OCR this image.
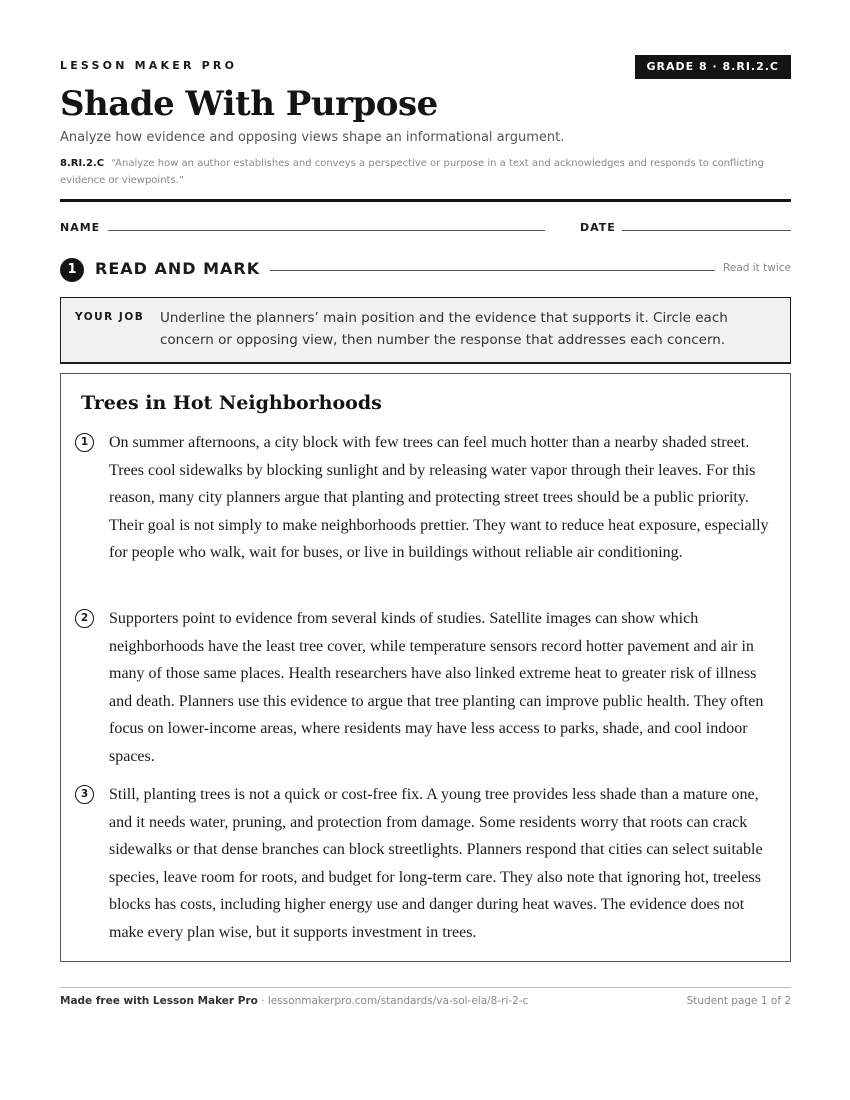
LESSON MAKER PRO	GRADE 8 · 8.RI.2.C
Shade With Purpose
Analyze how evidence and opposing views shape an informational argument.
8.RI.2.C “Analyze how an author establishes and conveys a perspective or purpose in a text and acknowledges and responds to conflicting evidence or viewpoints.”
NAME	DATE
1	READ AND MARK	Read it twice
YOUR JOB Underline the planners’ main position and the evidence that supports it. Circle each concern or opposing view, then number the response that addresses each concern.
Trees in Hot Neighborhoods
1	On summer afternoons, a city block with few trees can feel much hotter than a nearby shaded street. Trees cool sidewalks by blocking sunlight and by releasing water vapor through their leaves. For this reason, many city planners argue that planting and protecting street trees should be a public priority. Their goal is not simply to make neighborhoods prettier. They want to reduce heat exposure, especially for people who walk, wait for buses, or live in buildings without reliable air conditioning.
2	Supporters point to evidence from several kinds of studies. Satellite images can show which neighborhoods have the least tree cover, while temperature sensors record hotter pavement and air in many of those same places. Health researchers have also linked extreme heat to greater risk of illness and death. Planners use this evidence to argue that tree planting can improve public health. They often focus on lower-income areas, where residents may have less access to parks, shade, and cool indoor spaces.
3	Still, planting trees is not a quick or cost-free fix. A young tree provides less shade than a mature one, and it needs water, pruning, and protection from damage. Some residents worry that roots can crack sidewalks or that dense branches can block streetlights. Planners respond that cities can select suitable species, leave room for roots, and budget for long-term care. They also note that ignoring hot, treeless blocks has costs, including higher energy use and danger during heat waves. The evidence does not make every plan wise, but it supports investment in trees.
Made free with Lesson Maker Pro · lessonmakerpro.com/standards/va-sol-ela/8-ri-2-c	Student page 1 of 2
